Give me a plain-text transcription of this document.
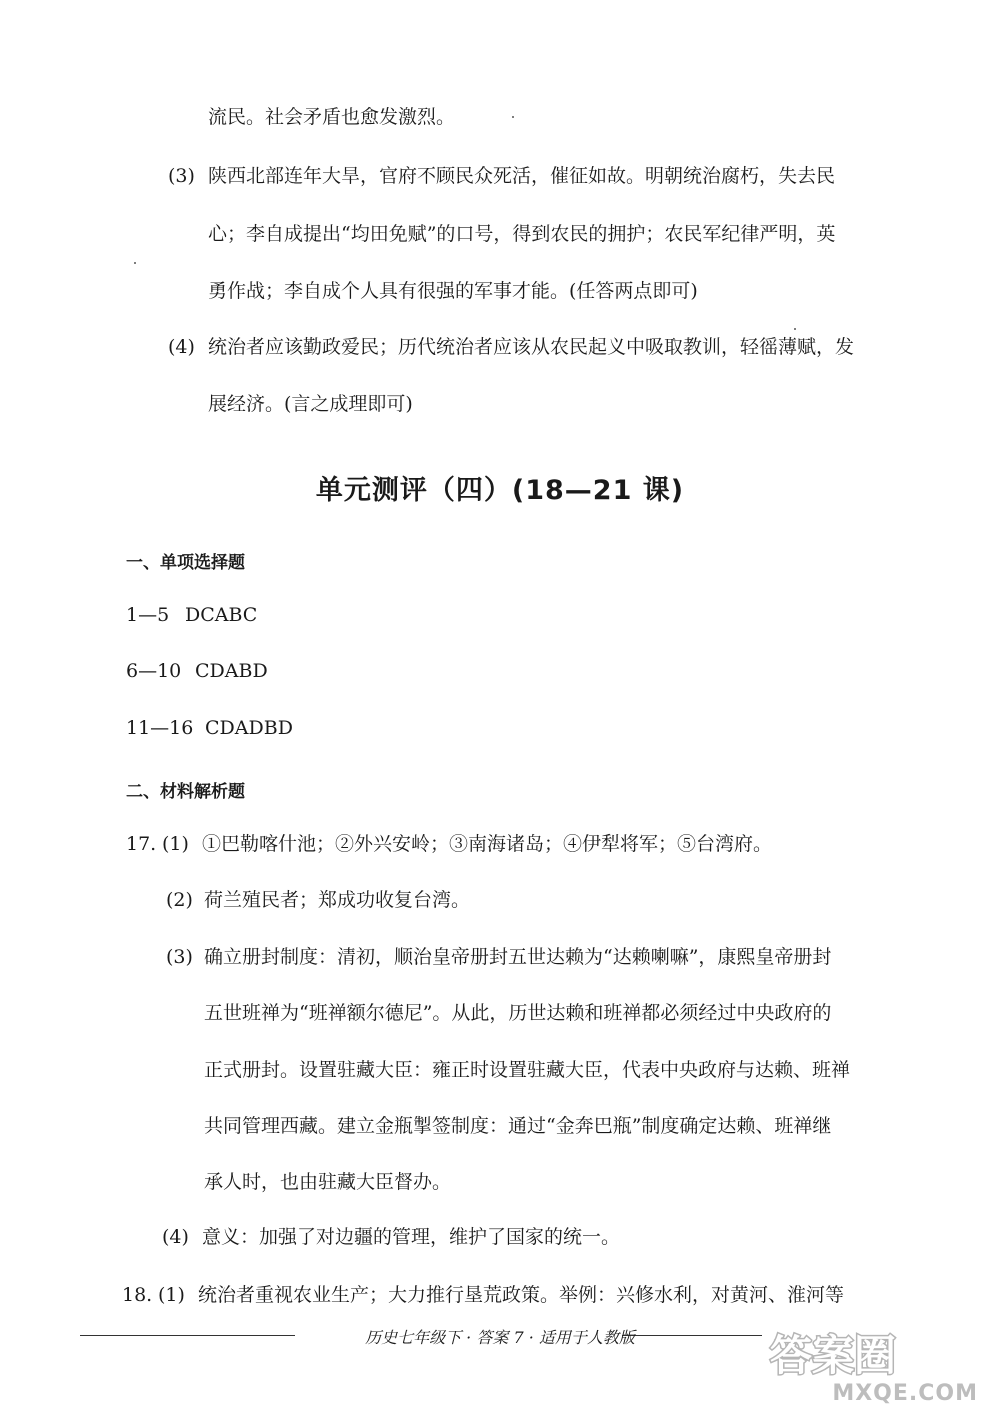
流民。社会矛盾也愈发激烈。
(3) 陕西北部连年大旱，官府不顾民众死活，催征如故。明朝统治腐朽，失去民
心；李自成提出“均田免赋”的口号，得到农民的拥护；农民军纪律严明，英
勇作战；李自成个人具有很强的军事才能。(任答两点即可)
(4) 统治者应该勤政爱民；历代统治者应该从农民起义中吸取教训，轻徭薄赋，发
展经济。(言之成理即可)
单元测评（四）(18—21 课)
一、单项选择题
1—5 DCABC
6—10 CDABD
11—16 CDADBD
二、材料解析题
17. (1) ①巴勒喀什池；②外兴安岭；③南海诸岛；④伊犁将军；⑤台湾府。
(2) 荷兰殖民者；郑成功收复台湾。
(3) 确立册封制度：清初，顺治皇帝册封五世达赖为“达赖喇嘛”，康熙皇帝册封
五世班禅为“班禅额尔德尼”。从此，历世达赖和班禅都必须经过中央政府的
正式册封。设置驻藏大臣：雍正时设置驻藏大臣，代表中央政府与达赖、班禅
共同管理西藏。建立金瓶掣签制度：通过“金奔巴瓶”制度确定达赖、班禅继
承人时，也由驻藏大臣督办。
(4) 意义：加强了对边疆的管理，维护了国家的统一。
18. (1) 统治者重视农业生产；大力推行垦荒政策。举例：兴修水利，对黄河、淮河等
历史七年级下 · 答案 7 · 适用于人教版	答案圈
MXQE.COM
